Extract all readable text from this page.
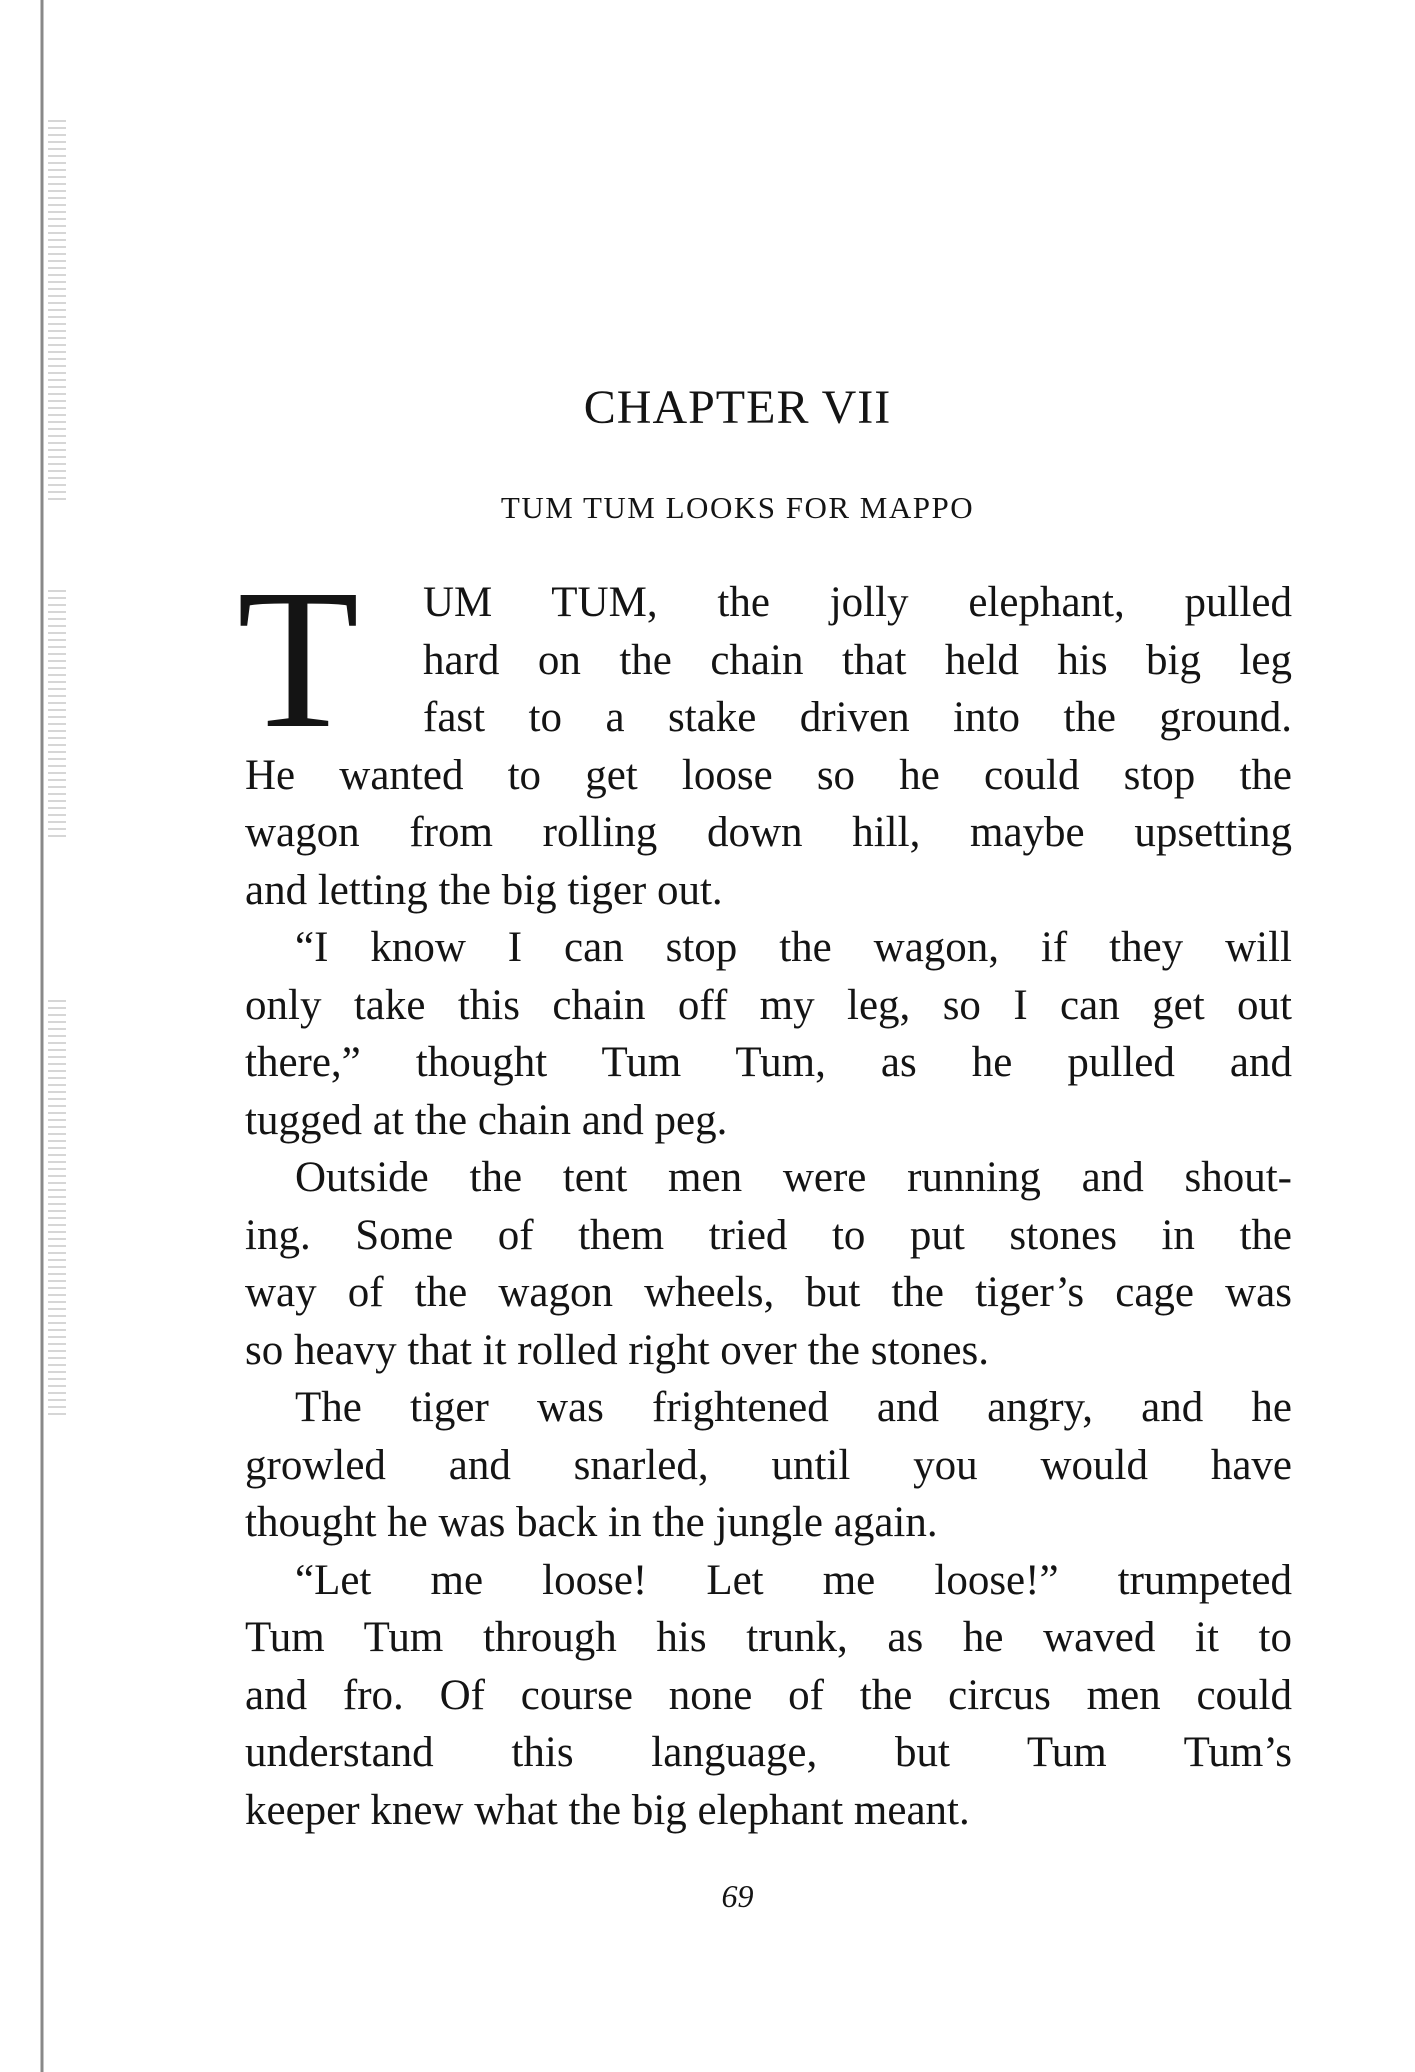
CHAPTER VII
TUM TUM LOOKS FOR MAPPO
T UM TUM, the jolly elephant, pulled
hard on the chain that held his big leg
fast to a stake driven into the ground.
He wanted to get loose so he could stop the
wagon from rolling down hill, maybe upsetting
and letting the big tiger out.
“I know I can stop the wagon, if they will
only take this chain off my leg, so I can get out
there,” thought Tum Tum, as he pulled and
tugged at the chain and peg.
Outside the tent men were running and shout-
ing. Some of them tried to put stones in the
way of the wagon wheels, but the tiger’s cage was
so heavy that it rolled right over the stones.
The tiger was frightened and angry, and he
growled and snarled, until you would have
thought he was back in the jungle again.
“Let me loose! Let me loose!” trumpeted
Tum Tum through his trunk, as he waved it to
and fro. Of course none of the circus men could
understand this language, but Tum Tum’s
keeper knew what the big elephant meant.
69
